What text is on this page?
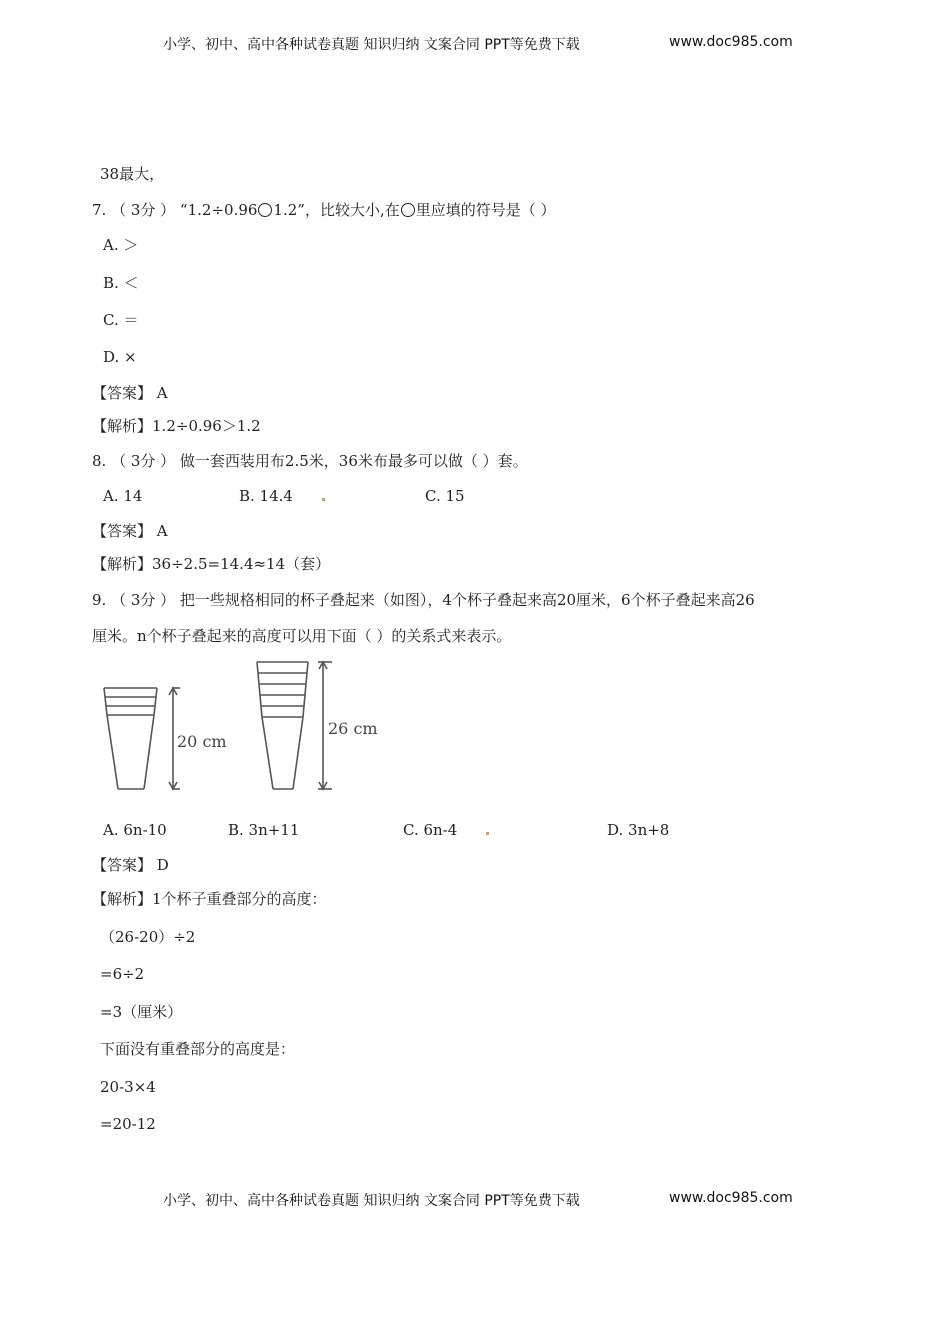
小学、初中、高中各种试卷真题 知识归纳 文案合同 PPT等免费下载	www.doc985.com
38最大，
7. （ 3分 ） “1.2÷0.96 1.2”，比较大小,在 里应填的符号是（ ）
A. ＞
B. ＜
C. ＝
D. ×
【答案】 A
【解析】1.2÷0.96＞1.2
8. （ 3分 ） 做一套西装用布2.5米，36米布最多可以做（ ）套。
A. 14	B. 14.4	C. 15
【答案】 A
【解析】36÷2.5=14.4≈14（套）
9. （ 3分 ） 把一些规格相同的杯子叠起来（如图），4个杯子叠起来高20厘米，6个杯子叠起来高26
厘米。n个杯子叠起来的高度可以用下面（ ）的关系式来表示。
20 cm
26 cm
A. 6n-10	B. 3n+11	C. 6n-4	D. 3n+8
【答案】 D
【解析】1个杯子重叠部分的高度：
（26-20）÷2
=6÷2
=3（厘米）
下面没有重叠部分的高度是：
20-3×4
=20-12
小学、初中、高中各种试卷真题 知识归纳 文案合同 PPT等免费下载	www.doc985.com
